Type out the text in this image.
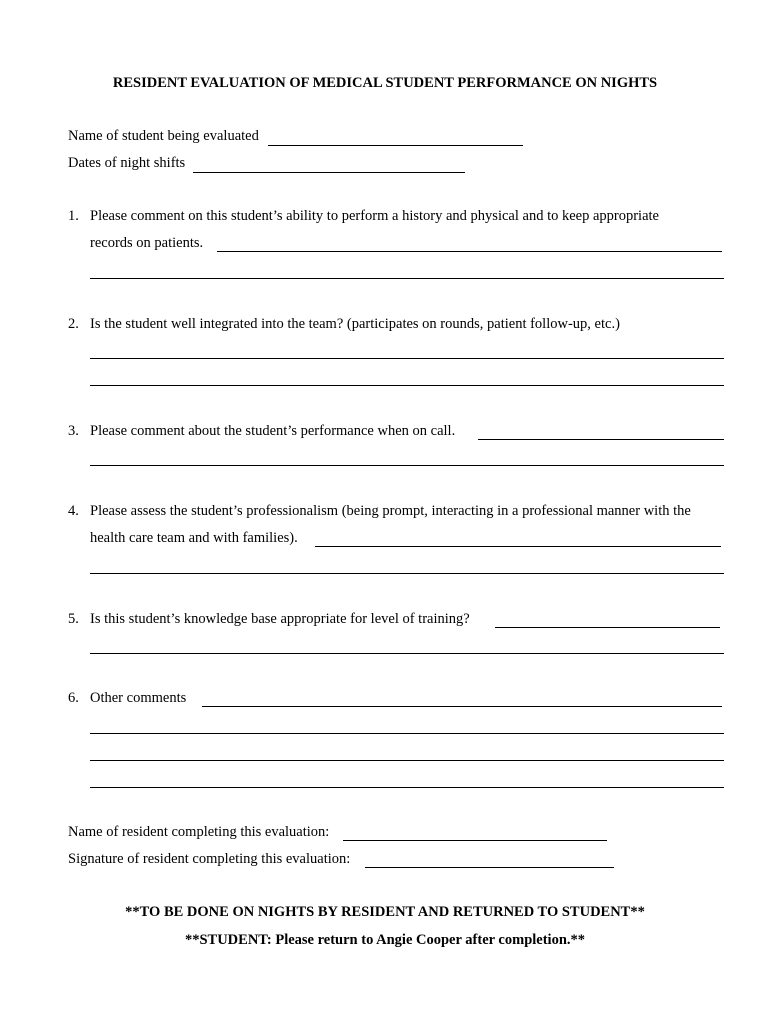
RESIDENT EVALUATION OF MEDICAL STUDENT PERFORMANCE ON NIGHTS
Name of student being evaluated
Dates of night shifts
1. Please comment on this student’s ability to perform a history and physical and to keep appropriate
records on patients.
2. Is the student well integrated into the team? (participates on rounds, patient follow-up, etc.)
3. Please comment about the student’s performance when on call.
4. Please assess the student’s professionalism (being prompt, interacting in a professional manner with the
health care team and with families).
5. Is this student’s knowledge base appropriate for level of training?
6. Other comments
Name of resident completing this evaluation:
Signature of resident completing this evaluation:
**TO BE DONE ON NIGHTS BY RESIDENT AND RETURNED TO STUDENT**
**STUDENT: Please return to Angie Cooper after completion.**
